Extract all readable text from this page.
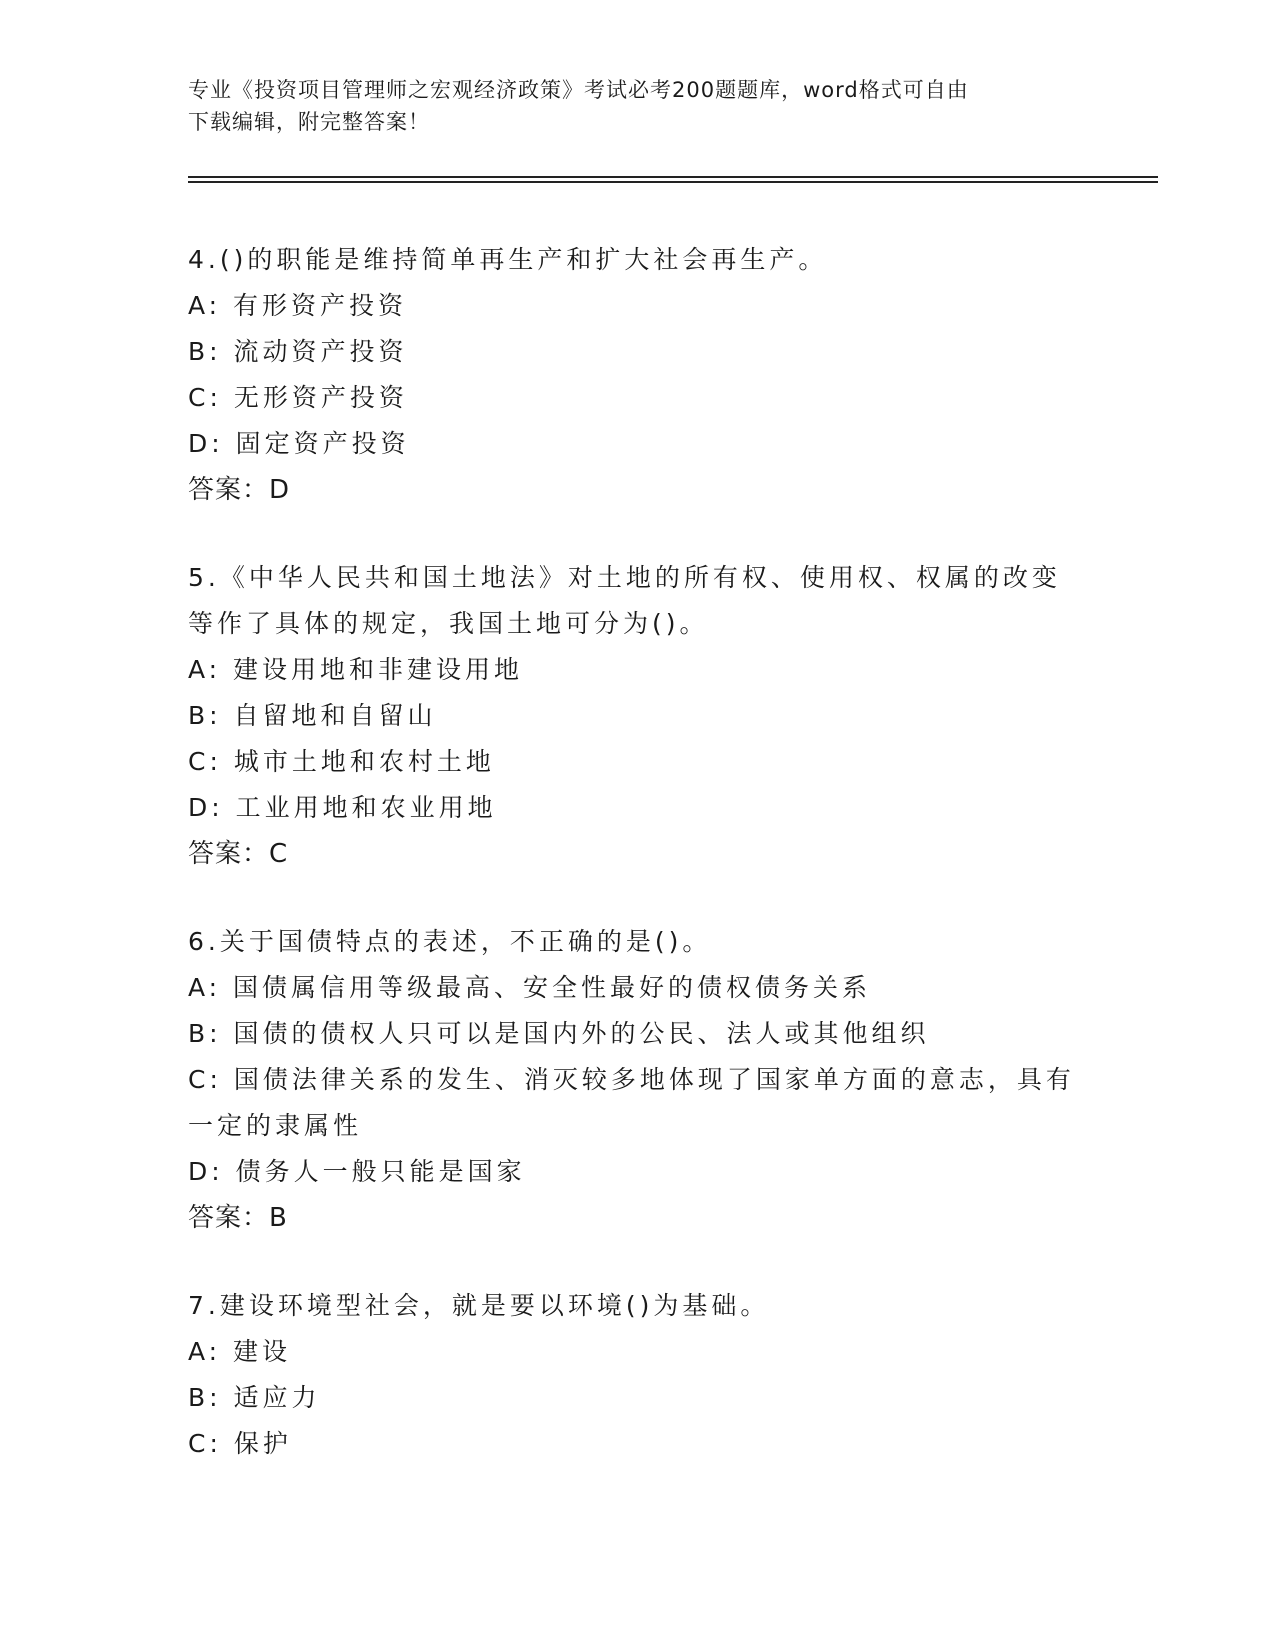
专业《投资项目管理师之宏观经济政策》考试必考200题题库，word格式可自由
下载编辑，附完整答案！
4.()的职能是维持简单再生产和扩大社会再生产。
A: 有形资产投资
B: 流动资产投资
C: 无形资产投资
D: 固定资产投资
答案：D
5.《中华人民共和国土地法》对土地的所有权、使用权、权属的改变
等作了具体的规定，我国土地可分为()。
A: 建设用地和非建设用地
B: 自留地和自留山
C: 城市土地和农村土地
D: 工业用地和农业用地
答案：C
6.关于国债特点的表述，不正确的是()。
A: 国债属信用等级最高、安全性最好的债权债务关系
B: 国债的债权人只可以是国内外的公民、法人或其他组织
C: 国债法律关系的发生、消灭较多地体现了国家单方面的意志，具有
一定的隶属性
D: 债务人一般只能是国家
答案：B
7.建设环境型社会，就是要以环境()为基础。
A: 建设
B: 适应力
C: 保护
